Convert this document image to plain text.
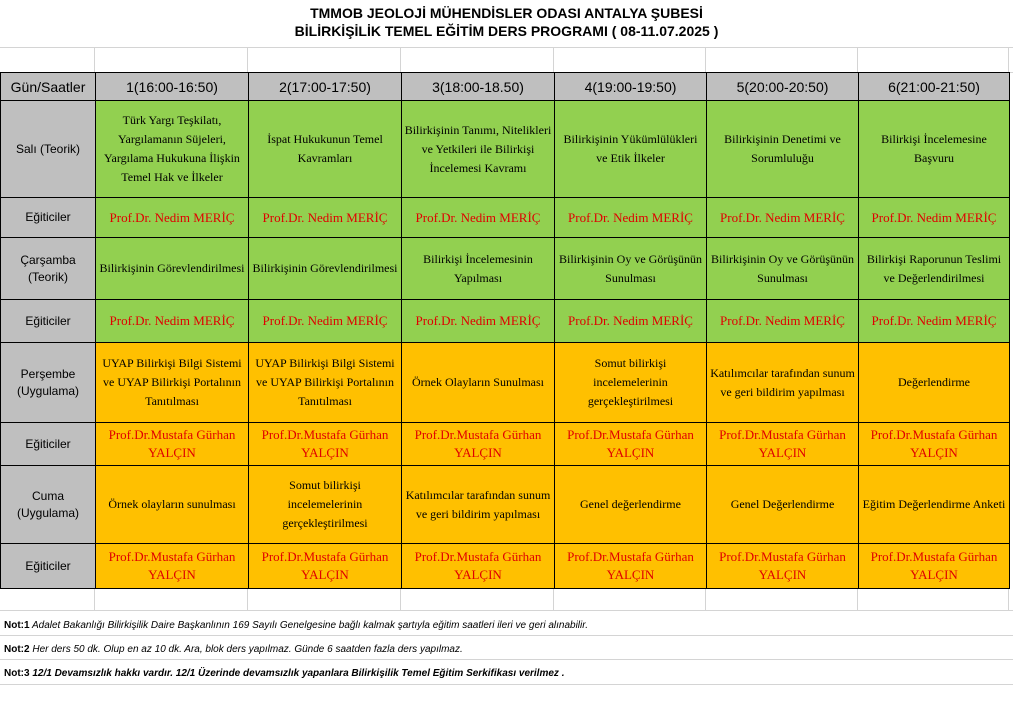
TMMOB JEOLOJİ MÜHENDİSLER ODASI ANTALYA ŞUBESİ
BİLİRKİŞİLİK TEMEL EĞİTİM DERS PROGRAMI ( 08-11.07.2025 )
Gün/Saatler	1(16:00-16:50)	2(17:00-17:50)	3(18:00-18.50)	4(19:00-19:50)	5(20:00-20:50)	6(21:00-21:50)
Salı (Teorik)	Türk Yargı Teşkilatı, Yargılamanın Süjeleri, Yargılama Hukukuna İlişkin Temel Hak ve İlkeler	İspat Hukukunun Temel Kavramları	Bilirkişinin Tanımı, Nitelikleri ve Yetkileri ile Bilirkişi İncelemesi Kavramı	Bilirkişinin Yükümlülükleri ve Etik İlkeler	Bilirkişinin Denetimi ve Sorumluluğu	Bilirkişi İncelemesine Başvuru
Eğiticiler	Prof.Dr. Nedim MERİÇ	Prof.Dr. Nedim MERİÇ	Prof.Dr. Nedim MERİÇ	Prof.Dr. Nedim MERİÇ	Prof.Dr. Nedim MERİÇ	Prof.Dr. Nedim MERİÇ
Çarşamba (Teorik)	Bilirkişinin Görevlendirilmesi	Bilirkişinin Görevlendirilmesi	Bilirkişi İncelemesinin Yapılması	Bilirkişinin Oy ve Görüşünün Sunulması	Bilirkişinin Oy ve Görüşünün Sunulması	Bilirkişi Raporunun Teslimi ve Değerlendirilmesi
Eğiticiler	Prof.Dr. Nedim MERİÇ	Prof.Dr. Nedim MERİÇ	Prof.Dr. Nedim MERİÇ	Prof.Dr. Nedim MERİÇ	Prof.Dr. Nedim MERİÇ	Prof.Dr. Nedim MERİÇ
Perşembe (Uygulama)	UYAP Bilirkişi Bilgi Sistemi ve UYAP Bilirkişi Portalının Tanıtılması	UYAP Bilirkişi Bilgi Sistemi ve UYAP Bilirkişi Portalının Tanıtılması	Örnek Olayların Sunulması	Somut bilirkişi incelemelerinin gerçekleştirilmesi	Katılımcılar tarafından sunum ve geri bildirim yapılması	Değerlendirme
Eğiticiler	Prof.Dr.Mustafa Gürhan YALÇIN	Prof.Dr.Mustafa Gürhan YALÇIN	Prof.Dr.Mustafa Gürhan YALÇIN	Prof.Dr.Mustafa Gürhan YALÇIN	Prof.Dr.Mustafa Gürhan YALÇIN	Prof.Dr.Mustafa Gürhan YALÇIN
Cuma (Uygulama)	Örnek olayların sunulması	Somut bilirkişi incelemelerinin gerçekleştirilmesi	Katılımcılar tarafından sunum ve geri bildirim yapılması	Genel değerlendirme	Genel Değerlendirme	Eğitim Değerlendirme Anketi
Eğiticiler	Prof.Dr.Mustafa Gürhan YALÇIN	Prof.Dr.Mustafa Gürhan YALÇIN	Prof.Dr.Mustafa Gürhan YALÇIN	Prof.Dr.Mustafa Gürhan YALÇIN	Prof.Dr.Mustafa Gürhan YALÇIN	Prof.Dr.Mustafa Gürhan YALÇIN
Not:1 Adalet Bakanlığı Bilirkişilik Daire Başkanlının 169 Sayılı Genelgesine bağlı kalmak şartıyla eğitim saatleri ileri ve geri alınabilir.
Not:2 Her ders 50 dk. Olup en az 10 dk. Ara, blok ders yapılmaz. Günde 6 saatden fazla ders yapılmaz.
Not:3 12/1 Devamsızlık hakkı vardır. 12/1 Üzerinde devamsızlık yapanlara Bilirkişilik Temel Eğitim Serkifikası verilmez .
